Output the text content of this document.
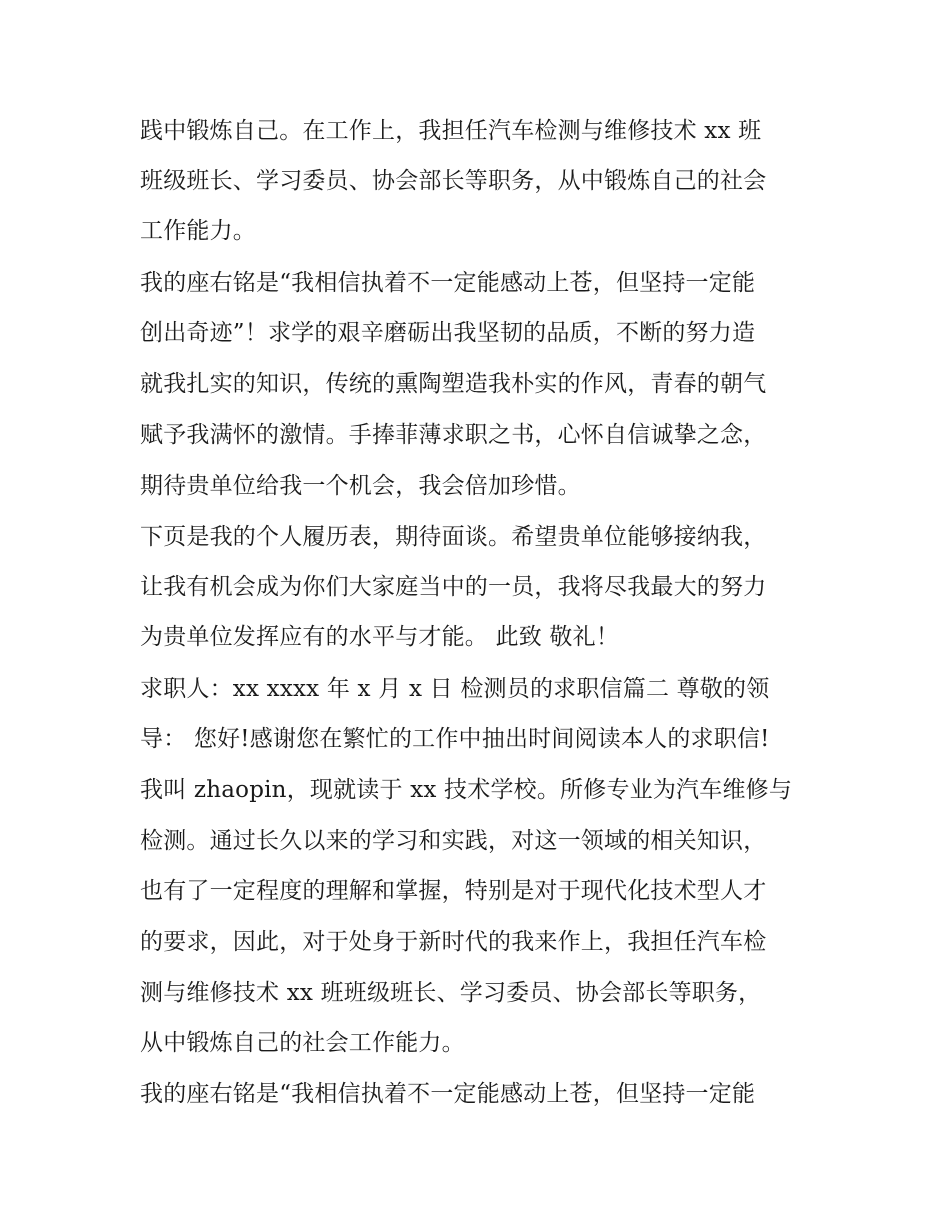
践中锻炼自己。在工作上，我担任汽车检测与维修技术 xx 班
班级班长、学习委员、协会部长等职务，从中锻炼自己的社会
工作能力。
我的座右铭是“我相信执着不一定能感动上苍，但坚持一定能
创出奇迹”！求学的艰辛磨砺出我坚韧的品质，不断的努力造
就我扎实的知识，传统的熏陶塑造我朴实的作风，青春的朝气
赋予我满怀的激情。手捧菲薄求职之书，心怀自信诚挚之念，
期待贵单位给我一个机会，我会倍加珍惜。
下页是我的个人履历表，期待面谈。希望贵单位能够接纳我，
让我有机会成为你们大家庭当中的一员，我将尽我最大的努力
为贵单位发挥应有的水平与才能。 此致 敬礼！
求职人：xx xxxx 年 x 月 x 日 检测员的求职信篇二 尊敬的领
导： 您好!感谢您在繁忙的工作中抽出时间阅读本人的求职信!
我叫 zhaopin，现就读于 xx 技术学校。所修专业为汽车维修与
检测。通过长久以来的学习和实践，对这一领域的相关知识，
也有了一定程度的理解和掌握，特别是对于现代化技术型人才
的要求，因此，对于处身于新时代的我来作上，我担任汽车检
测与维修技术 xx 班班级班长、学习委员、协会部长等职务，
从中锻炼自己的社会工作能力。
我的座右铭是“我相信执着不一定能感动上苍，但坚持一定能
